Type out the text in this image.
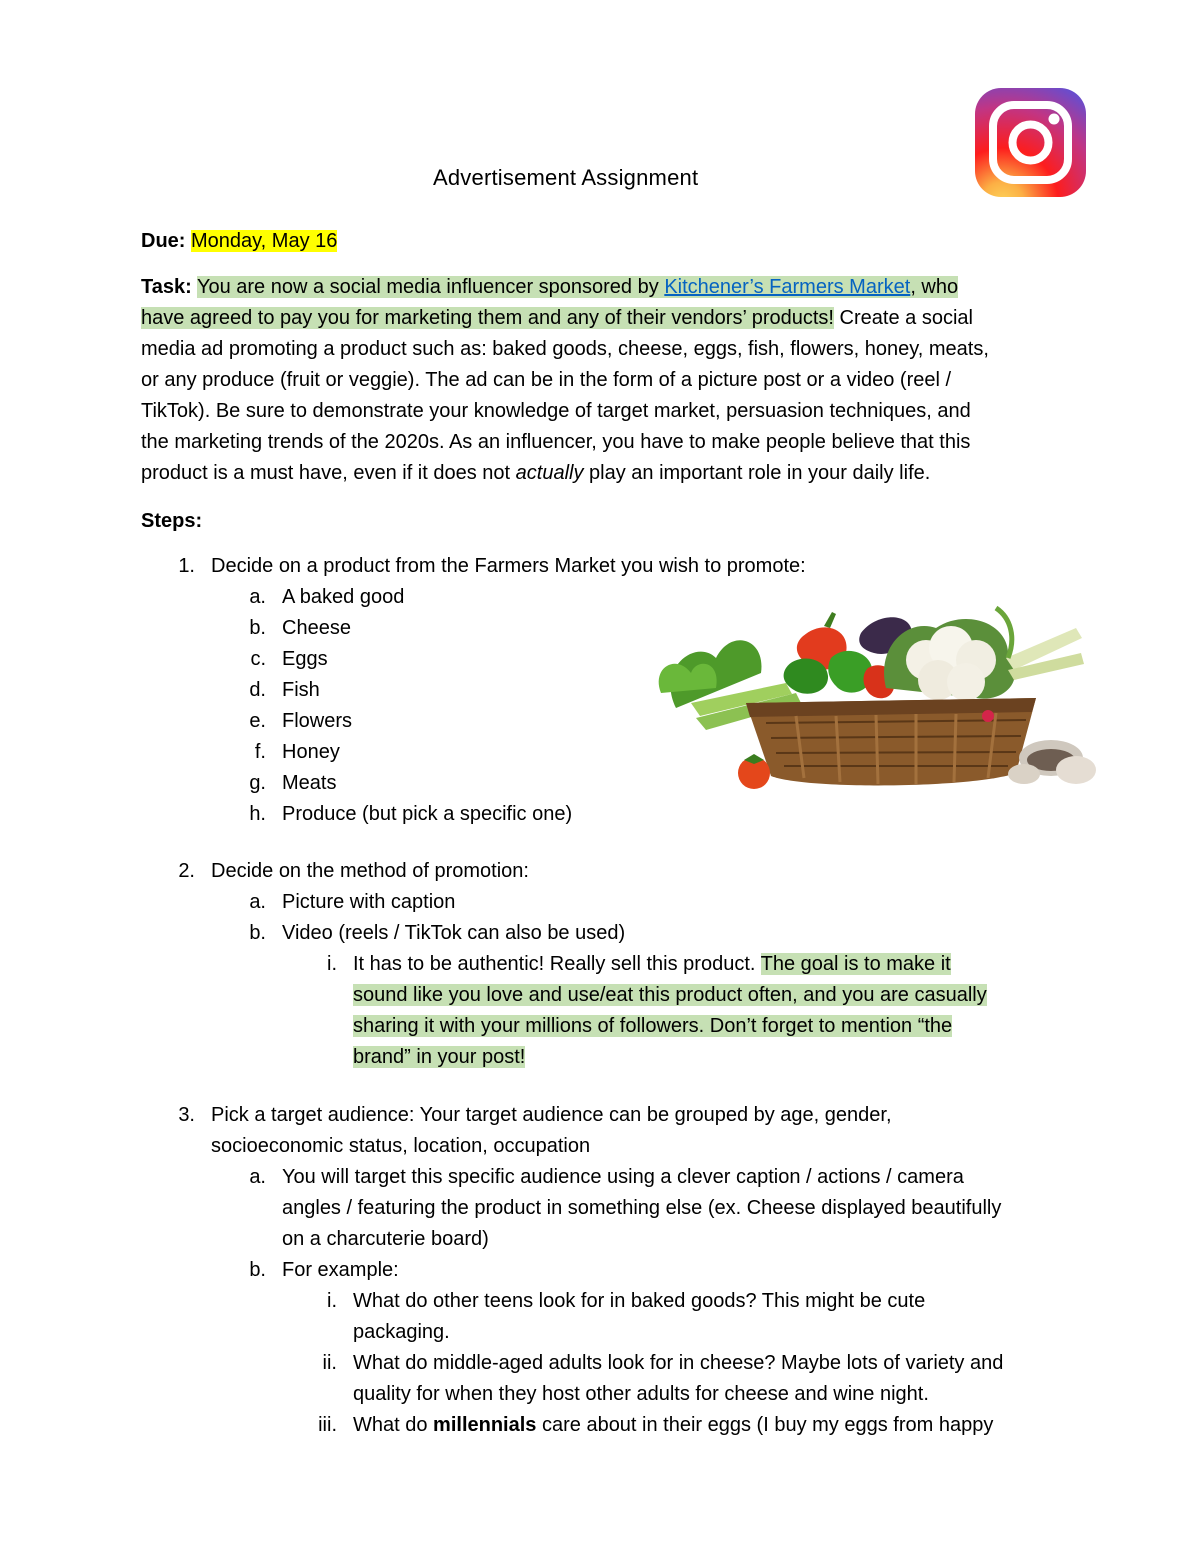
Advertisement Assignment
Due: Monday, May 16
Task: You are now a social media influencer sponsored by Kitchener’s Farmers Market, who
have agreed to pay you for marketing them and any of their vendors’ products! Create a social
media ad promoting a product such as: baked goods, cheese, eggs, fish, flowers, honey, meats,
or any produce (fruit or veggie). The ad can be in the form of a picture post or a video (reel /
TikTok). Be sure to demonstrate your knowledge of target market, persuasion techniques, and
the marketing trends of the 2020s. As an influencer, you have to make people believe that this
product is a must have, even if it does not actually play an important role in your daily life.
Steps:
1. Decide on a product from the Farmers Market you wish to promote:
a. A baked good
b. Cheese
c. Eggs
d. Fish
e. Flowers
f. Honey
g. Meats
h. Produce (but pick a specific one)
2. Decide on the method of promotion:
a. Picture with caption
b. Video (reels / TikTok can also be used)
i. It has to be authentic! Really sell this product. The goal is to make it
sound like you love and use/eat this product often, and you are casually
sharing it with your millions of followers. Don’t forget to mention “the
brand” in your post!
3. Pick a target audience: Your target audience can be grouped by age, gender,
socioeconomic status, location, occupation
a. You will target this specific audience using a clever caption / actions / camera
angles / featuring the product in something else (ex. Cheese displayed beautifully
on a charcuterie board)
b. For example:
i. What do other teens look for in baked goods? This might be cute
packaging.
ii. What do middle-aged adults look for in cheese? Maybe lots of variety and
quality for when they host other adults for cheese and wine night.
iii. What do millennials care about in their eggs (I buy my eggs from happy
